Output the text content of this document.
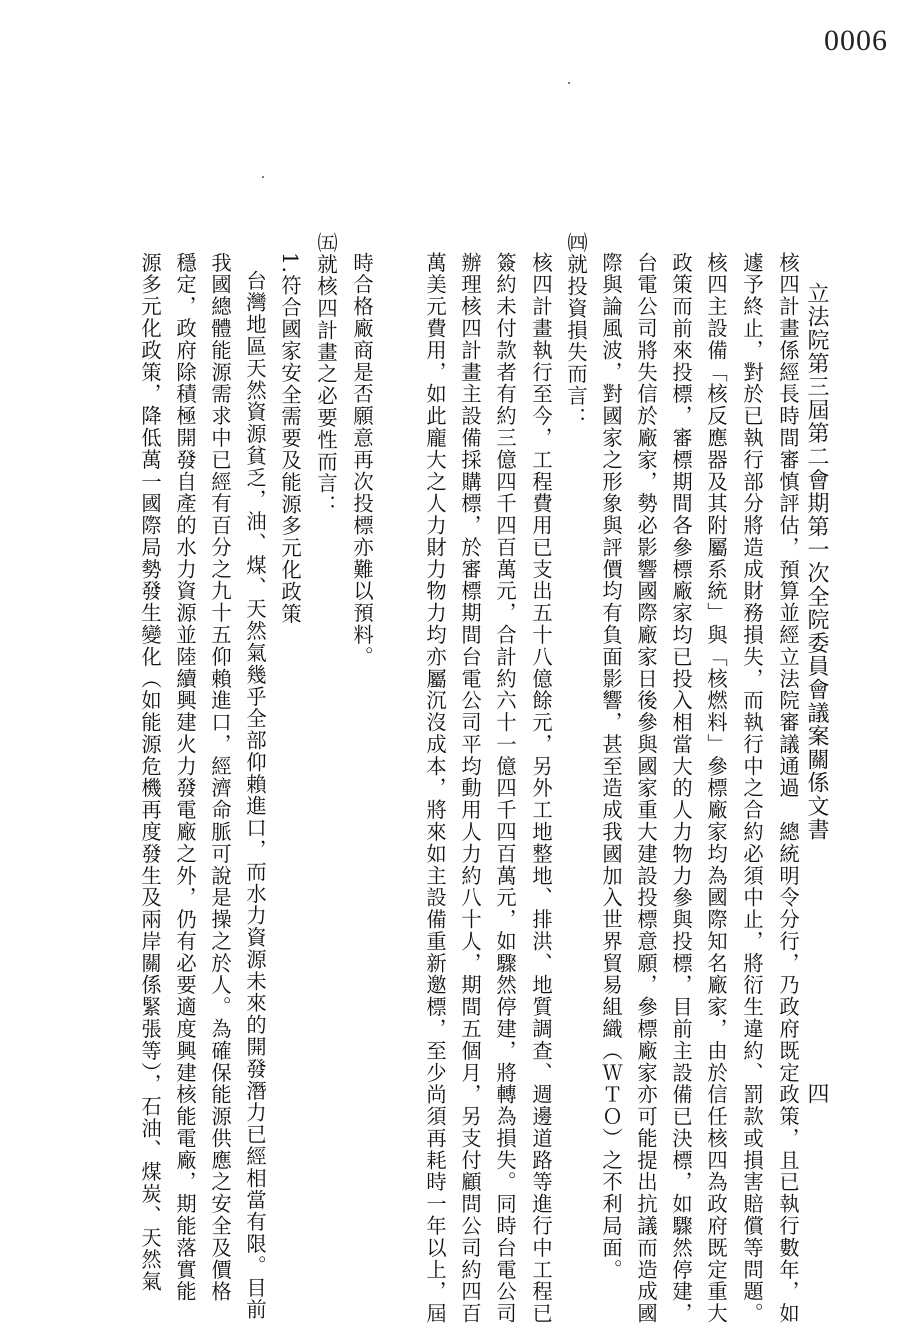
0006
立法院第三屆第二會期第一次全院委員會議案關係文書
四
核四計畫係經長時間審慎評估，預算並經立法院審議通過　總統明令分行，乃政府既定政策，且已執行數年，如
遽予終止，對於已執行部分將造成財務損失，而執行中之合約必須中止，將衍生違約、罰款或損害賠償等問題。
核四主設備「核反應器及其附屬系統」與「核燃料」參標廠家均為國際知名廠家，由於信任核四為政府既定重大
政策而前來投標，審標期間各參標廠家均已投入相當大的人力物力參與投標，目前主設備已決標，如驟然停建，
台電公司將失信於廠家，勢必影響國際廠家日後參與國家重大建設投標意願，參標廠家亦可能提出抗議而造成國
際與論風波，對國家之形象與評價均有負面影響，甚至造成我國加入世界貿易組織（ＷＴＯ）之不利局面。
㈣就投資損失而言：
核四計畫執行至今，工程費用已支出五十八億餘元，另外工地整地、排洪、地質調查、週邊道路等進行中工程已
簽約未付款者有約三億四千四百萬元，合計約六十一億四千四百萬元，如驟然停建，將轉為損失。同時台電公司
辦理核四計畫主設備採購標，於審標期間台電公司平均動用人力約八十人，期間五個月，另支付顧問公司約四百
萬美元費用，如此龐大之人力財力物力均亦屬沉沒成本，將來如主設備重新邀標，至少尚須再耗時一年以上，屆
時合格廠商是否願意再次投標亦難以預料。
㈤就核四計畫之必要性而言：
1.符合國家安全需要及能源多元化政策
台灣地區天然資源貧乏，油、煤、天然氣幾乎全部仰賴進口，而水力資源未來的開發潛力已經相當有限。目前
我國總體能源需求中已經有百分之九十五仰賴進口，經濟命脈可說是操之於人。為確保能源供應之安全及價格
穩定，政府除積極開發自產的水力資源並陸續興建火力發電廠之外，仍有必要適度興建核能電廠，期能落實能
源多元化政策，降低萬一國際局勢發生變化（如能源危機再度發生及兩岸關係緊張等），石油、煤炭、天然氣
